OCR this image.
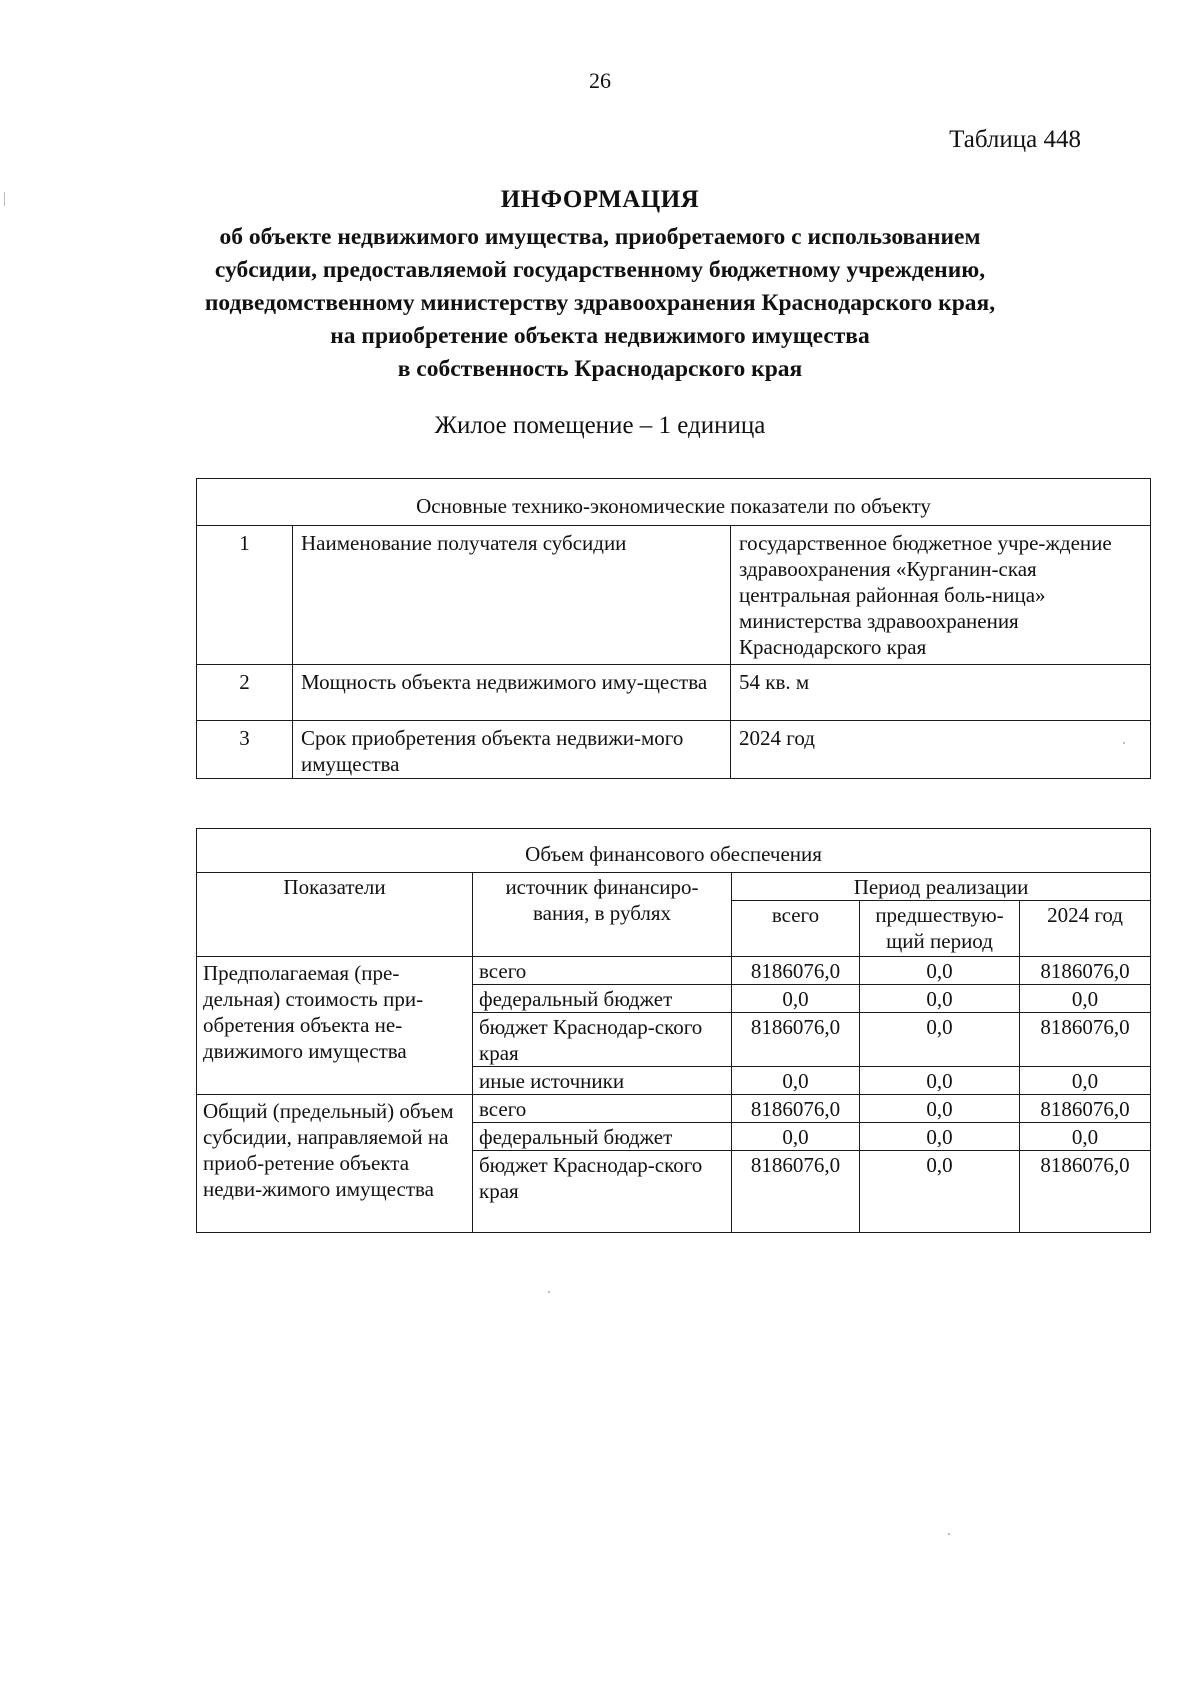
26
Таблица 448
ИНФОРМАЦИЯ
об объекте недвижимого имущества, приобретаемого с использованием
субсидии, предоставляемой государственному бюджетному учреждению,
подведомственному министерству здравоохранения Краснодарского края,
на приобретение объекта недвижимого имущества
в собственность Краснодарского края
Жилое помещение – 1 единица
Основные технико-экономические показатели по объекту		
1	Наименование получателя субсидии	государственное бюджетное учре-ждение здравоохранения «Курганин-ская центральная районная боль-ница» министерства здравоохранения Краснодарского края
2	Мощность объекта недвижимого иму-щества	54 кв. м
3	Срок приобретения объекта недвижи-мого имущества	2024 год
Объем финансового обеспечения				
Показатели	источник финансиро-вания, в рублях	Период реализации		
		всего	предшествую-щий период	2024 год
Предполагаемая (пре-дельная) стоимость при-обретения объекта не-движимого имущества	всего	8186076,0	0,0	8186076,0
	федеральный бюджет	0,0	0,0	0,0
	бюджет Краснодар-ского края	8186076,0	0,0	8186076,0
	иные источники	0,0	0,0	0,0
Общий (предельный) объем субсидии, направляемой на приоб-ретение объекта недви-жимого имущества	всего	8186076,0	0,0	8186076,0
	федеральный бюджет	0,0	0,0	0,0
	бюджет Краснодар-ского края	8186076,0	0,0	8186076,0
